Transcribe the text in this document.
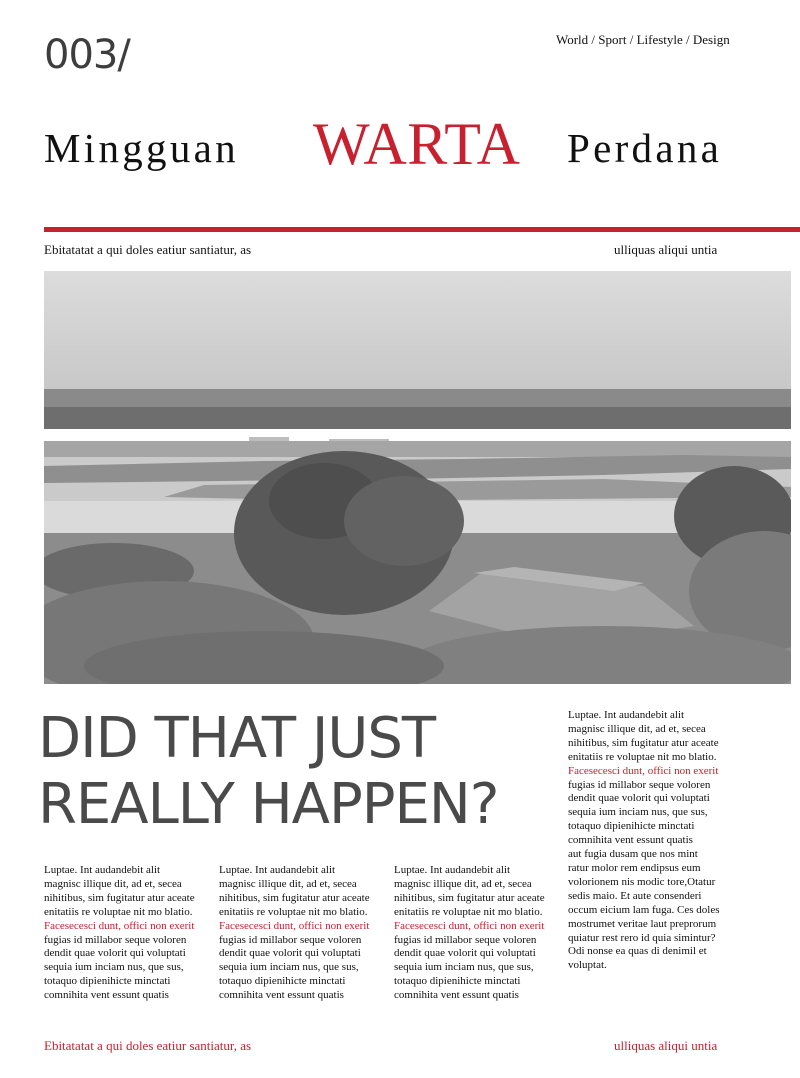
003/	World / Sport / Lifestyle / Design
Mingguan WARTA Perdana
Ebitatatat a qui doles eatiur santiatur, as	ulliquas aliqui untia
DID THAT JUST
REALLY HAPPEN?
Luptae. Int audandebit alit
magnisc illique dit, ad et, secea
nihitibus, sim fugitatur atur aceate
enitatiis re voluptae nit mo blatio.
Facesecesci dunt, offici non exerit
fugias id millabor seque voloren
dendit quae volorit qui voluptati
sequia ium inciam nus, que sus,
totaquo dipienihicte minctati
comnihita vent essunt quatis
Luptae. Int audandebit alit
magnisc illique dit, ad et, secea
nihitibus, sim fugitatur atur aceate
enitatiis re voluptae nit mo blatio.
Facesecesci dunt, offici non exerit
fugias id millabor seque voloren
dendit quae volorit qui voluptati
sequia ium inciam nus, que sus,
totaquo dipienihicte minctati
comnihita vent essunt quatis
Luptae. Int audandebit alit
magnisc illique dit, ad et, secea
nihitibus, sim fugitatur atur aceate
enitatiis re voluptae nit mo blatio.
Facesecesci dunt, offici non exerit
fugias id millabor seque voloren
dendit quae volorit qui voluptati
sequia ium inciam nus, que sus,
totaquo dipienihicte minctati
comnihita vent essunt quatis
Luptae. Int audandebit alit
magnisc illique dit, ad et, secea
nihitibus, sim fugitatur atur aceate
enitatiis re voluptae nit mo blatio.
Facesecesci dunt, offici non exerit
fugias id millabor seque voloren
dendit quae volorit qui voluptati
sequia ium inciam nus, que sus,
totaquo dipienihicte minctati
comnihita vent essunt quatis
aut fugia dusam que nos mint
ratur molor rem endipsus eum
volorionem nis modic tore,Otatur
sedis maio. Et aute consenderi
occum eicium lam fuga. Ces doles
mostrumet veritae laut preprorum
quiatur rest rero id quia simintur?
Odi nonse ea quas di denimil et
voluptat.
Ebitatatat a qui doles eatiur santiatur, as	ulliquas aliqui untia
